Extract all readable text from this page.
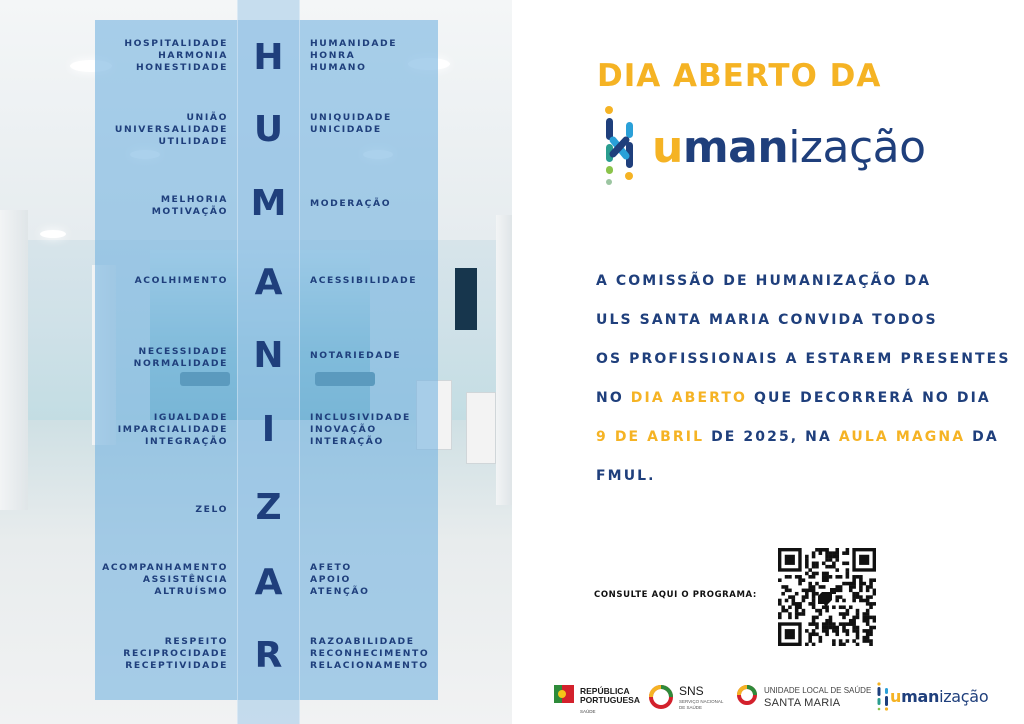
H
U
M
A
N
I
Z
A
R
HOSPITALIDADE
HARMONIA
HONESTIDADE
UNIÃO
UNIVERSALIDADE
UTILIDADE
MELHORIA
MOTIVAÇÃO
ACOLHIMENTO
NECESSIDADE
NORMALIDADE
IGUALDADE
IMPARCIALIDADE
INTEGRAÇÃO
ZELO
ACOMPANHAMENTO
ASSISTÊNCIA
ALTRUÍSMO
RESPEITO
RECIPROCIDADE
RECEPTIVIDADE
HUMANIDADE
HONRA
HUMANO
UNIQUIDADE
UNICIDADE
MODERAÇÃO
ACESSIBILIDADE
NOTARIEDADE
INCLUSIVIDADE
INOVAÇÃO
INTERAÇÃO
AFETO
APOIO
ATENÇÃO
RAZOABILIDADE
RECONHECIMENTO
RELACIONAMENTO
DIA ABERTO DA
umanização
A COMISSÃO DE HUMANIZAÇÃO DA
ULS SANTA MARIA CONVIDA TODOS
OS PROFISSIONAIS A ESTAREM PRESENTES
NO DIA ABERTO QUE DECORRERÁ NO DIA
9 DE ABRIL DE 2025, NA AULA MAGNA DA
FMUL.
CONSULTE AQUI O PROGRAMA:
REPÚBLICA
PORTUGUESA
SAÚDE
SNS
SERVIÇO NACIONAL
DE SAÚDE
UNIDADE LOCAL DE SAÚDE
SANTA MARIA	umanização
